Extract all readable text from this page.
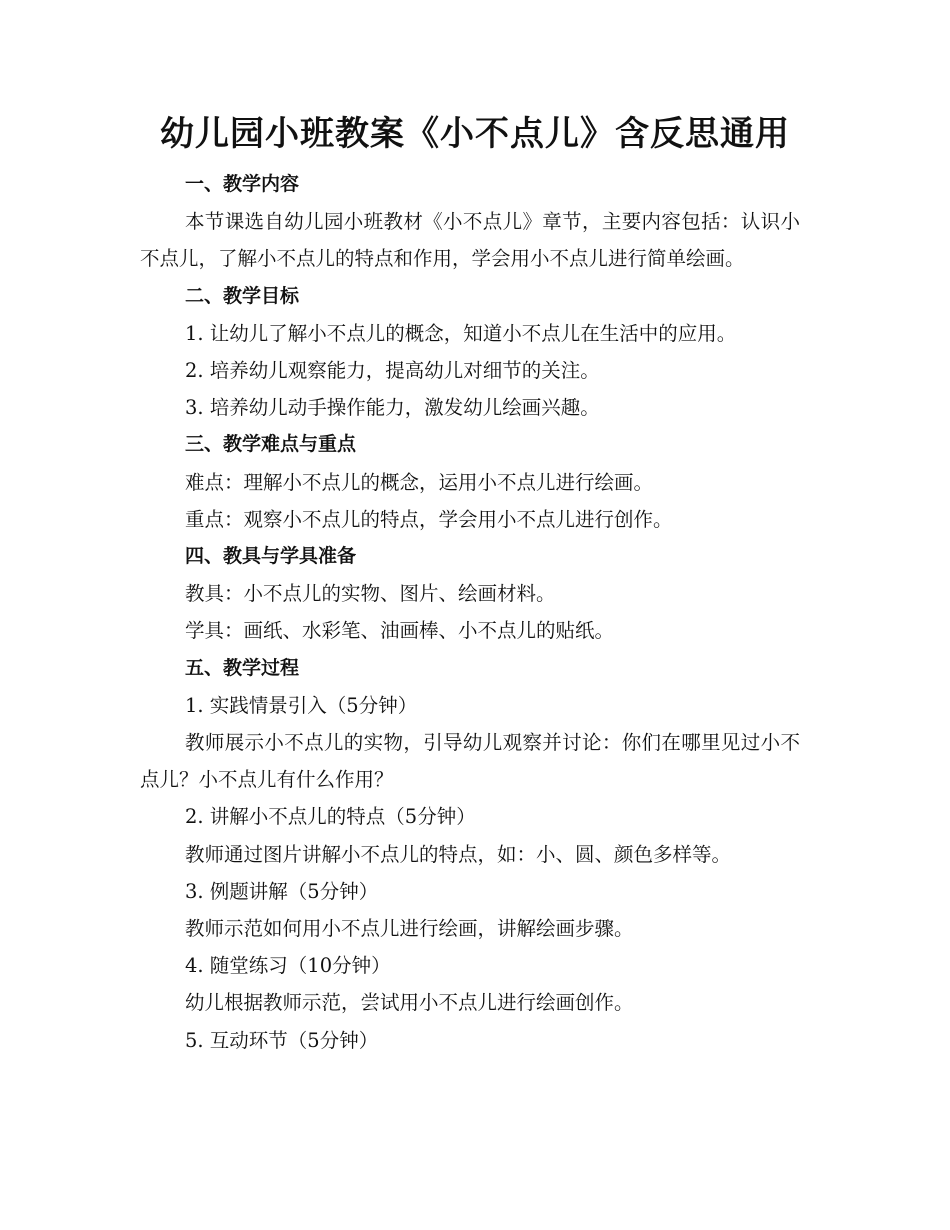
幼儿园小班教案《小不点儿》含反思通用

一、教学内容

本节课选自幼儿园小班教材《小不点儿》章节，主要内容包括：认识小不点儿，了解小不点儿的特点和作用，学会用小不点儿进行简单绘画。

二、教学目标

1. 让幼儿了解小不点儿的概念，知道小不点儿在生活中的应用。

2. 培养幼儿观察能力，提高幼儿对细节的关注。

3. 培养幼儿动手操作能力，激发幼儿绘画兴趣。

三、教学难点与重点

难点：理解小不点儿的概念，运用小不点儿进行绘画。

重点：观察小不点儿的特点，学会用小不点儿进行创作。

四、教具与学具准备

教具：小不点儿的实物、图片、绘画材料。

学具：画纸、水彩笔、油画棒、小不点儿的贴纸。

五、教学过程

1. 实践情景引入（5分钟）

教师展示小不点儿的实物，引导幼儿观察并讨论：你们在哪里见过小不点儿？小不点儿有什么作用？

2. 讲解小不点儿的特点（5分钟）

教师通过图片讲解小不点儿的特点，如：小、圆、颜色多样等。

3. 例题讲解（5分钟）

教师示范如何用小不点儿进行绘画，讲解绘画步骤。

4. 随堂练习（10分钟）

幼儿根据教师示范，尝试用小不点儿进行绘画创作。

5. 互动环节（5分钟）
